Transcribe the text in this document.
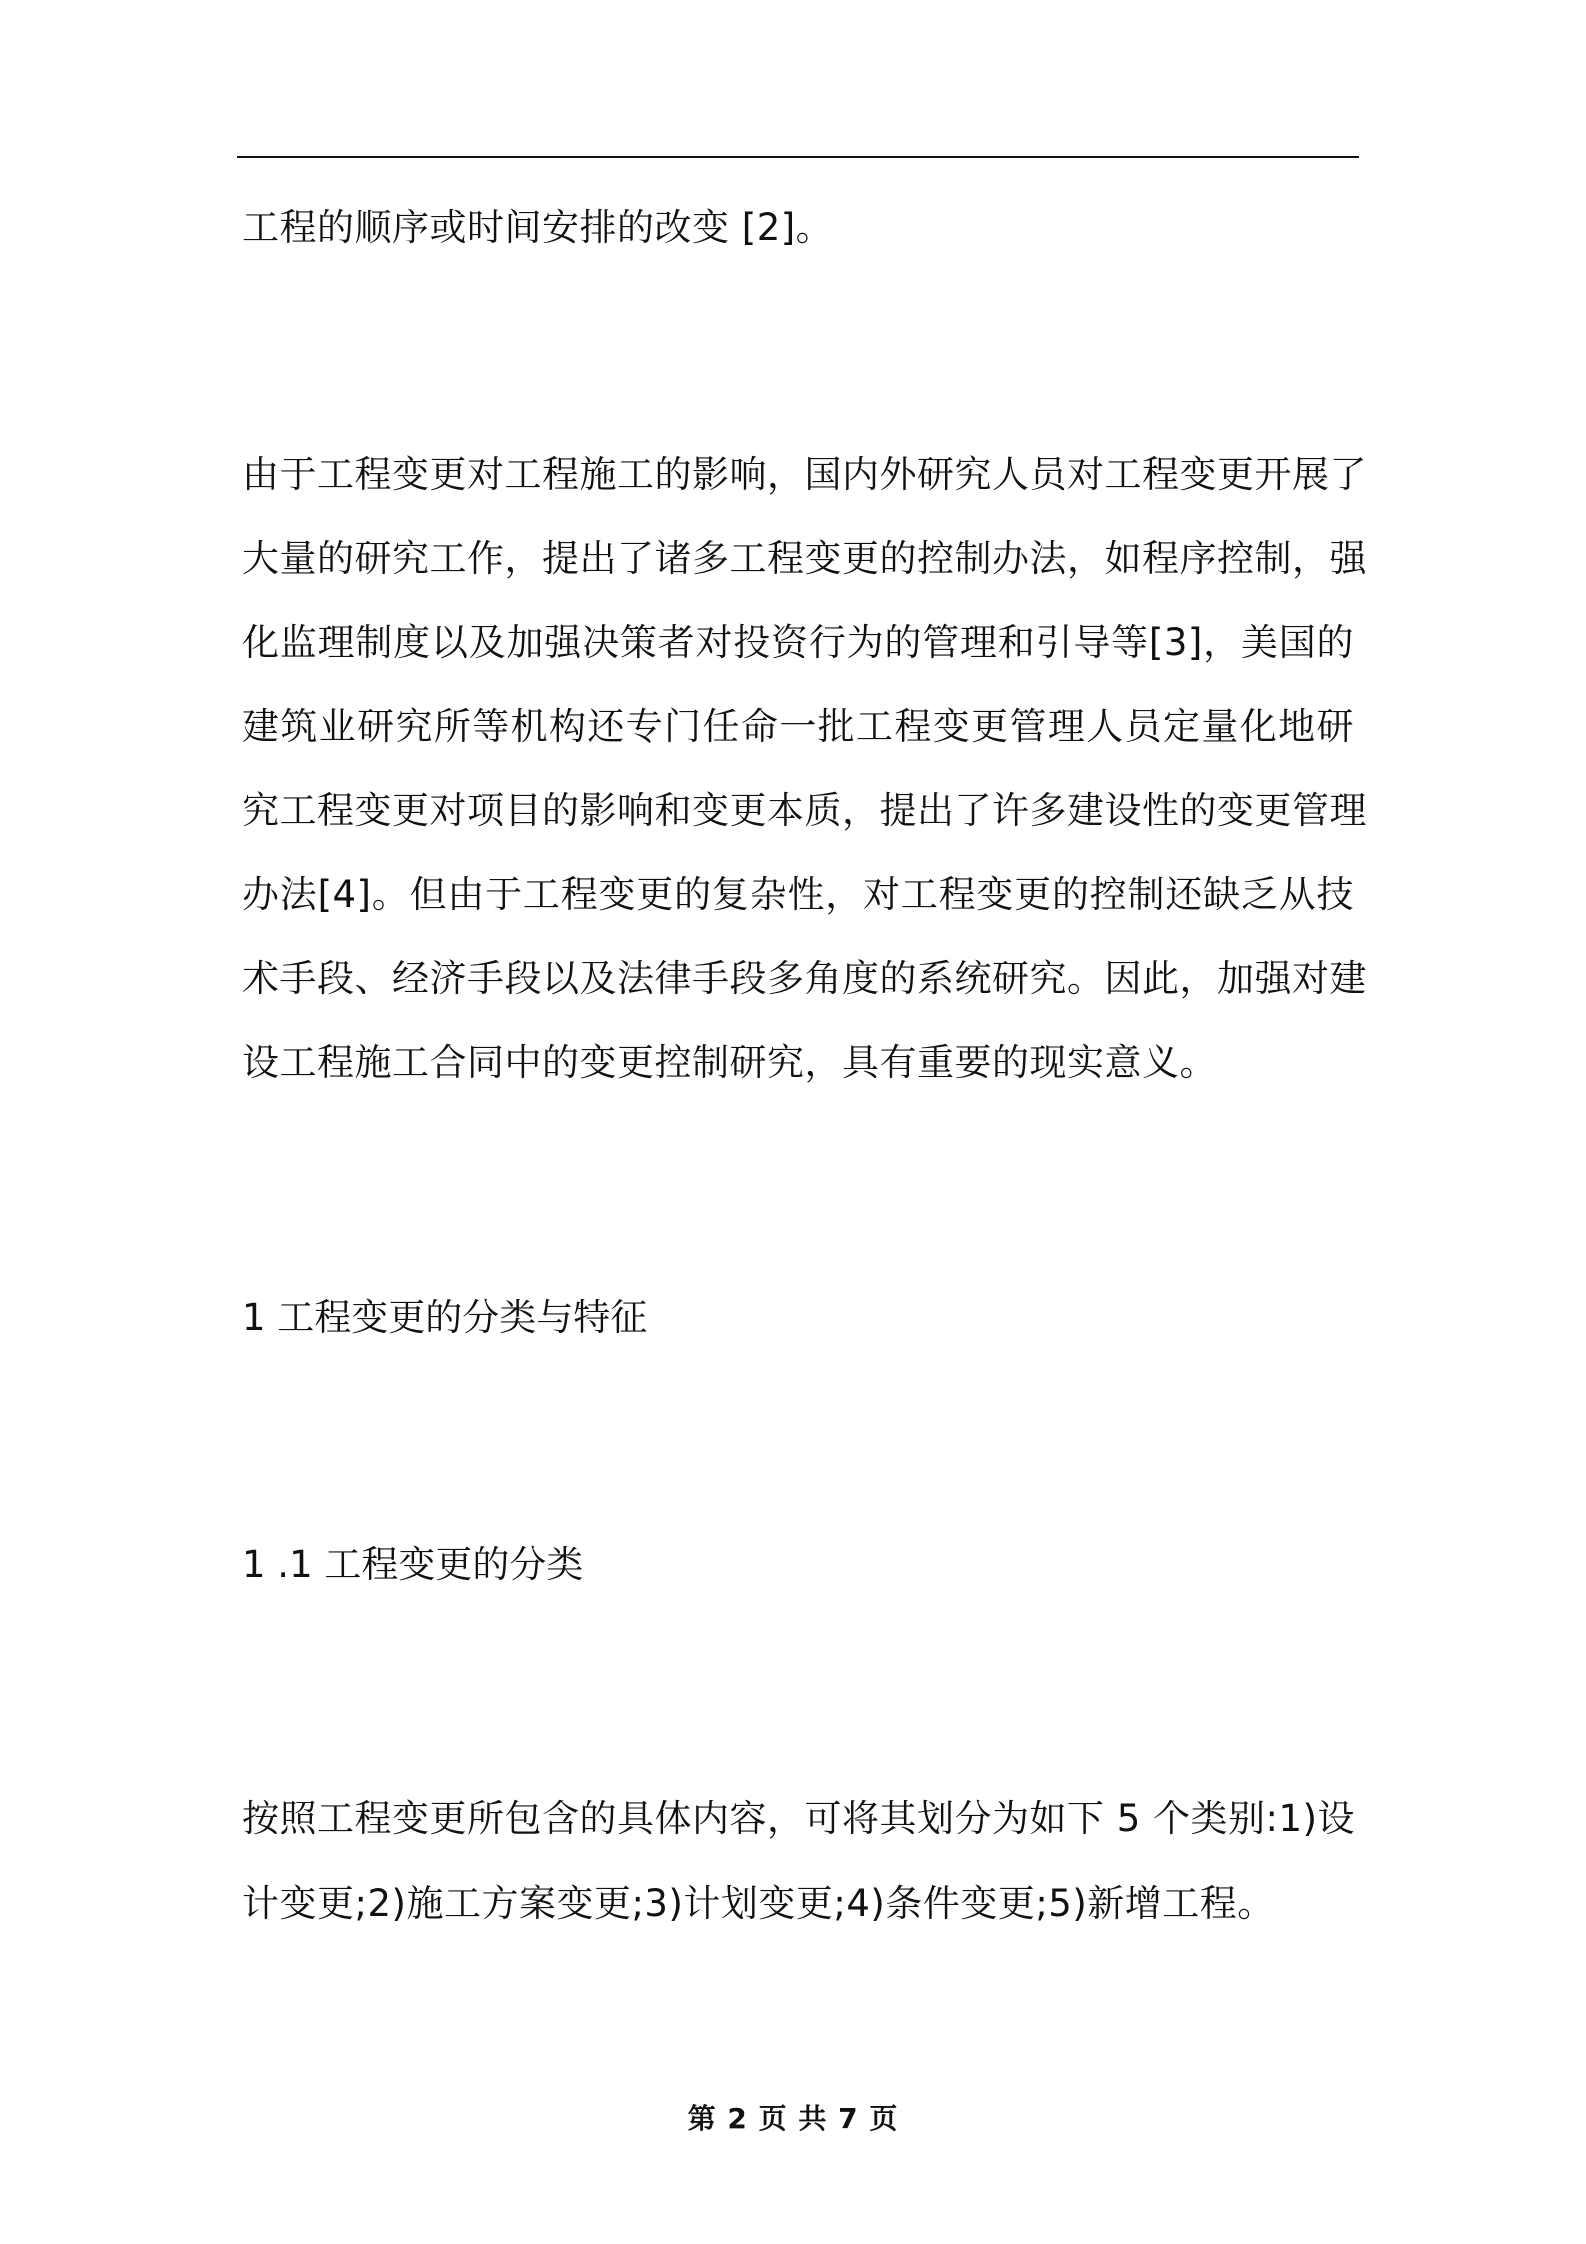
工程的顺序或时间安排的改变 [2]。
由于工程变更对工程施工的影响，国内外研究人员对工程变更开展了
大量的研究工作，提出了诸多工程变更的控制办法，如程序控制，强
化监理制度以及加强决策者对投资行为的管理和引导等[3]，美国的
建筑业研究所等机构还专门任命一批工程变更管理人员定量化地研
究工程变更对项目的影响和变更本质，提出了许多建设性的变更管理
办法[4]。但由于工程变更的复杂性，对工程变更的控制还缺乏从技
术手段、经济手段以及法律手段多角度的系统研究。因此，加强对建
设工程施工合同中的变更控制研究，具有重要的现实意义。
1 工程变更的分类与特征
1 .1 工程变更的分类
按照工程变更所包含的具体内容，可将其划分为如下 5 个类别:1)设
计变更;2)施工方案变更;3)计划变更;4)条件变更;5)新增工程。
第 2 页 共 7 页
